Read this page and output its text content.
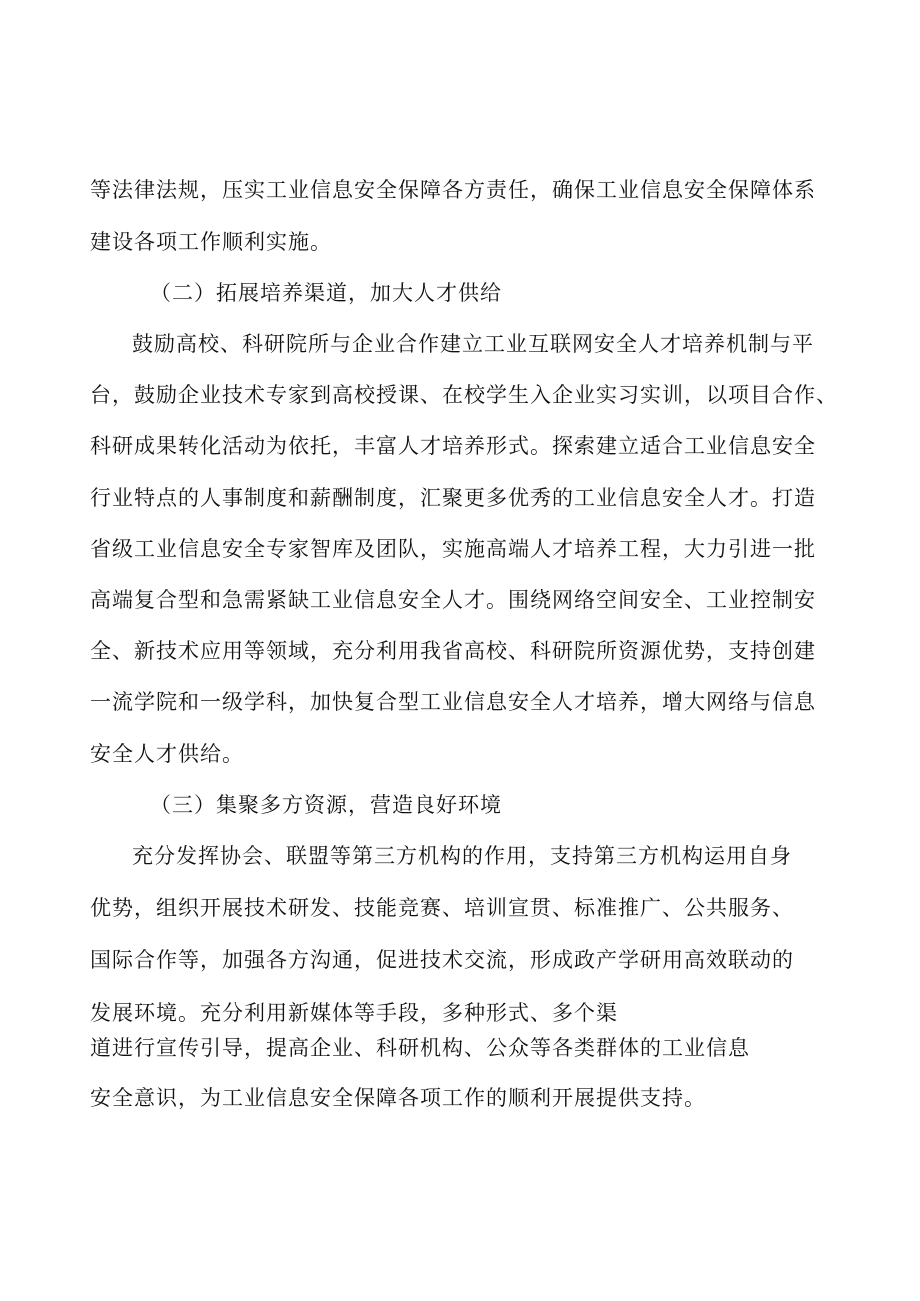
等法律法规，压实工业信息安全保障各方责任，确保工业信息安全保障体系
建设各项工作顺利实施。
（二）拓展培养渠道，加大人才供给
鼓励高校、科研院所与企业合作建立工业互联网安全人才培养机制与平
台，鼓励企业技术专家到高校授课、在校学生入企业实习实训，以项目合作、
科研成果转化活动为依托，丰富人才培养形式。探索建立适合工业信息安全
行业特点的人事制度和薪酬制度，汇聚更多优秀的工业信息安全人才。打造
省级工业信息安全专家智库及团队，实施高端人才培养工程，大力引进一批
高端复合型和急需紧缺工业信息安全人才。围绕网络空间安全、工业控制安
全、新技术应用等领域，充分利用我省高校、科研院所资源优势，支持创建
一流学院和一级学科，加快复合型工业信息安全人才培养，增大网络与信息
安全人才供给。
（三）集聚多方资源，营造良好环境
充分发挥协会、联盟等第三方机构的作用，支持第三方机构运用自身
优势，组织开展技术研发、技能竞赛、培训宣贯、标准推广、公共服务、
国际合作等，加强各方沟通，促进技术交流，形成政产学研用高效联动的
发展环境。充分利用新媒体等手段，多种形式、多个渠
道进行宣传引导，提高企业、科研机构、公众等各类群体的工业信息
安全意识，为工业信息安全保障各项工作的顺利开展提供支持。
